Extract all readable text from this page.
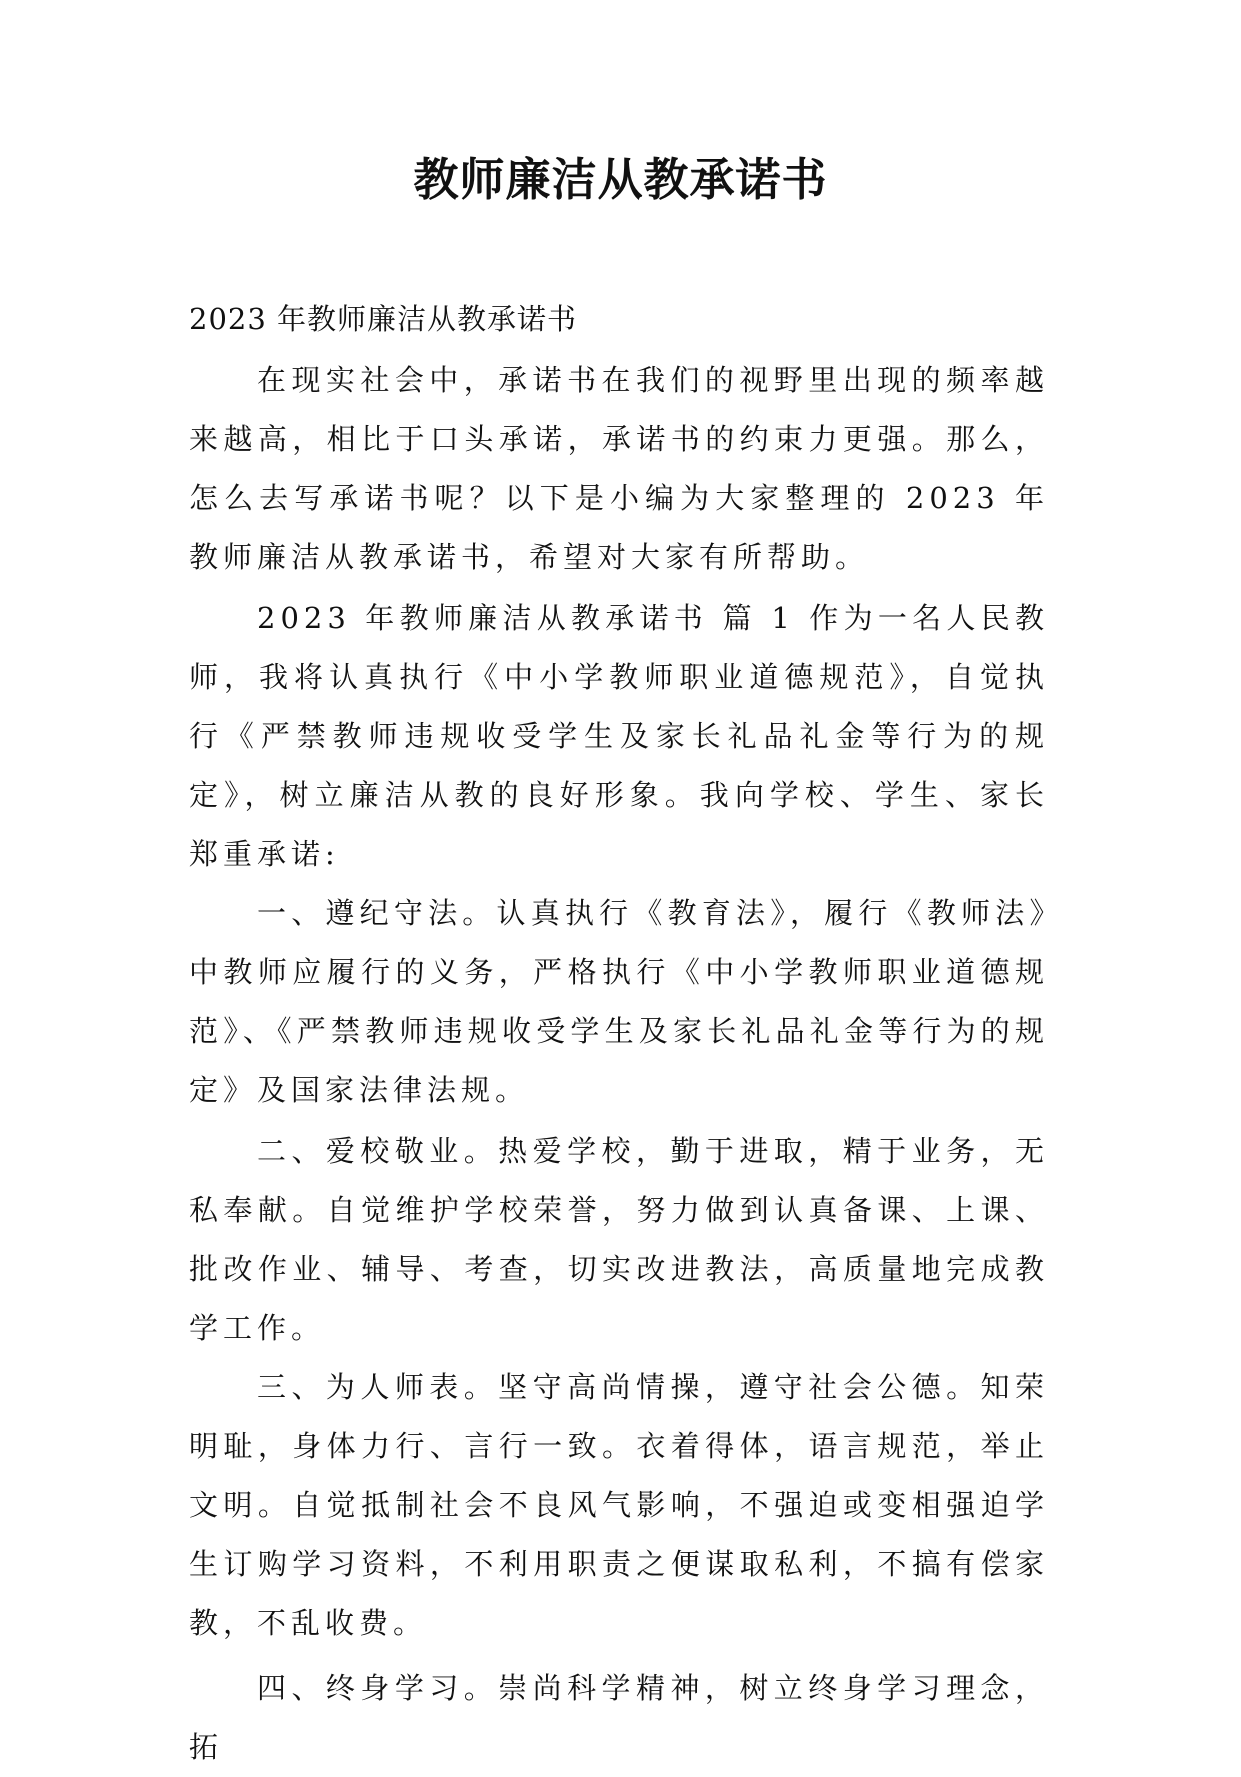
教师廉洁从教承诺书

2023 年教师廉洁从教承诺书

在现实社会中，承诺书在我们的视野里出现的频率越来越高，相比于口头承诺，承诺书的约束力更强。那么，怎么去写承诺书呢？以下是小编为大家整理的 2023 年教师廉洁从教承诺书，希望对大家有所帮助。

2023 年教师廉洁从教承诺书 篇 1 作为一名人民教师，我将认真执行《中小学教师职业道德规范》，自觉执行《严禁教师违规收受学生及家长礼品礼金等行为的规定》，树立廉洁从教的良好形象。我向学校、学生、家长郑重承诺:

一、遵纪守法。认真执行《教育法》，履行《教师法》中教师应履行的义务，严格执行《中小学教师职业道德规范》、《严禁教师违规收受学生及家长礼品礼金等行为的规定》及国家法律法规。

二、爱校敬业。热爱学校，勤于进取，精于业务，无私奉献。自觉维护学校荣誉，努力做到认真备课、上课、批改作业、辅导、考查，切实改进教法，高质量地完成教学工作。

三、为人师表。坚守高尚情操，遵守社会公德。知荣明耻，身体力行、言行一致。衣着得体，语言规范，举止文明。自觉抵制社会不良风气影响，不强迫或变相强迫学生订购学习资料，不利用职责之便谋取私利，不搞有偿家教，不乱收费。

四、终身学习。崇尚科学精神，树立终身学习理念，拓
